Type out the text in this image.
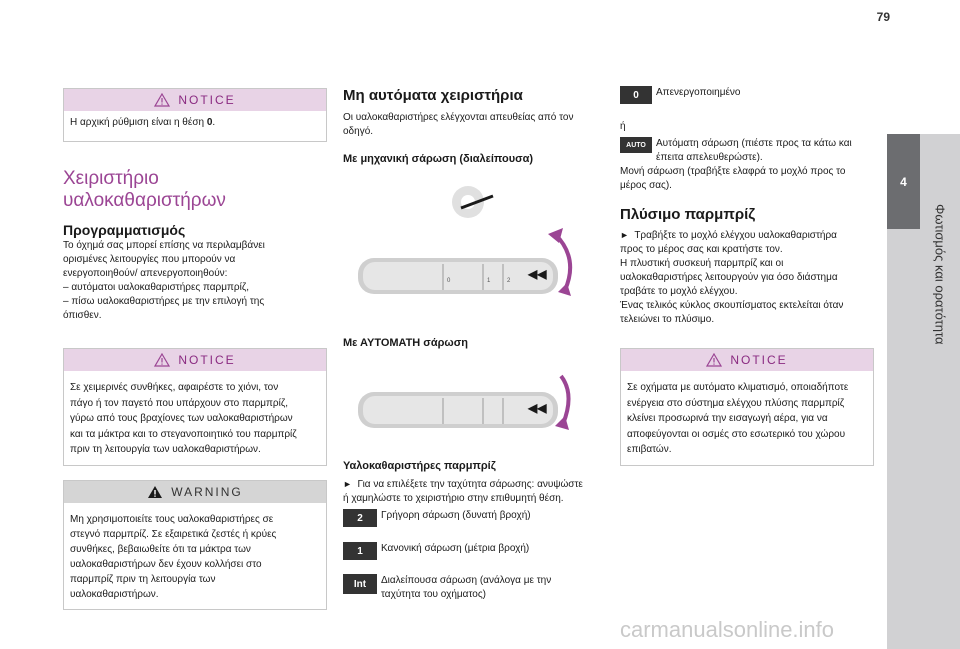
79
4
Φωτισμός και ορατότητα
NOTICE
Η αρχική ρύθμιση είναι η θέση 0.
Χειριστήριο
υαλοκαθαριστήρων
Προγραμματισμός
Το όχημά σας μπορεί επίσης να περιλαμβάνει
ορισμένες λειτουργίες που μπορούν να
ενεργοποιηθούν/ απενεργοποιηθούν:
– αυτόματοι υαλοκαθαριστήρες παρμπρίζ,
– πίσω υαλοκαθαριστήρες με την επιλογή της
όπισθεν.
NOTICE
Σε χειμερινές συνθήκες, αφαιρέστε το χιόνι, τον
πάγο ή τον παγετό που υπάρχουν στο παρμπρίζ,
γύρω από τους βραχίονες των υαλοκαθαριστήρων
και τα μάκτρα και το στεγανοποιητικό του παρμπρίζ
πριν τη λειτουργία των υαλοκαθαριστήρων.
WARNING
Μη χρησιμοποιείτε τους υαλοκαθαριστήρες σε
στεγνό παρμπρίζ. Σε εξαιρετικά ζεστές ή κρύες
συνθήκες, βεβαιωθείτε ότι τα μάκτρα των
υαλοκαθαριστήρων δεν έχουν κολλήσει στο
παρμπρίζ πριν τη λειτουργία των
υαλοκαθαριστήρων.
Μη αυτόματα χειριστήρια
Οι υαλοκαθαριστήρες ελέγχονται απευθείας από τον
οδηγό.
Με μηχανική σάρωση (διαλείπουσα)
◀◀
0	1	2
Με ΑΥΤΟΜΑΤΗ σάρωση
◀◀
Υαλοκαθαριστήρες παρμπρίζ
► Για να επιλέξετε την ταχύτητα σάρωσης: ανυψώστε
ή χαμηλώστε το χειριστήριο στην επιθυμητή θέση.
2	Γρήγορη σάρωση (δυνατή βροχή)
1	Κανονική σάρωση (μέτρια βροχή)
Int	Διαλείπουσα σάρωση (ανάλογα με την
ταχύτητα του οχήματος)
0	Απενεργοποιημένο
ή
AUTO	Αυτόματη σάρωση (πιέστε προς τα κάτω και
έπειτα απελευθερώστε).
Μονή σάρωση (τραβήξτε ελαφρά το μοχλό προς το
μέρος σας).
Πλύσιμο παρμπρίζ
► Τραβήξτε το μοχλό ελέγχου υαλοκαθαριστήρα
προς το μέρος σας και κρατήστε τον.
Η πλυστική συσκευή παρμπρίζ και οι
υαλοκαθαριστήρες λειτουργούν για όσο διάστημα
τραβάτε το μοχλό ελέγχου.
Ένας τελικός κύκλος σκουπίσματος εκτελείται όταν
τελειώνει το πλύσιμο.
NOTICE
Σε οχήματα με αυτόματο κλιματισμό, οποιαδήποτε
ενέργεια στο σύστημα ελέγχου πλύσης παρμπρίζ
κλείνει προσωρινά την εισαγωγή αέρα, για να
αποφεύγονται οι οσμές στο εσωτερικό του χώρου
επιβατών.
carmanualsonline.info
